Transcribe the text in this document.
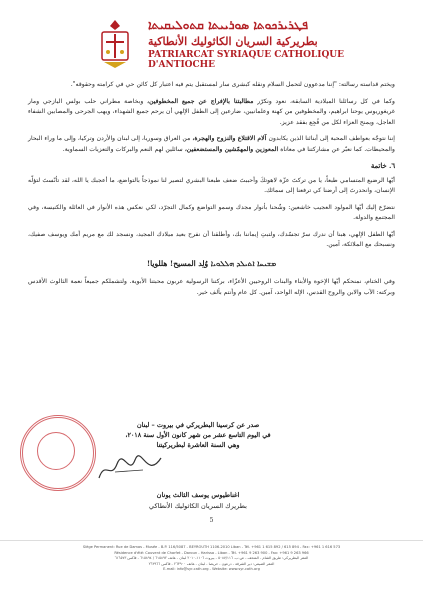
ܦܛܪܝܪܟܘܬܐ ܣܘܪܝܝܬܐ ܩܬܘܠܝܩܝܬܐ
بطريركية السريان الكاثوليك الأنطاكية
PATRIARCAT SYRIAQUE CATHOLIQUE D'ANTIOCHE

ويختم قداسته رسالته: "إننا مدعوون لتحمل السلام ونقله كبشرى سار لمستقبل يتم فيه اعتبار كل كائن حي في كرامته وحقوقه".

وكما في كل رسائلنا الميلادية السابقة، نعود ونكرّر مطالبتنا بالإفراج عن جميع المخطوفين، وبخاصة مطراني حلب بولس اليازجي ومار غريغوريوس يوحنا ابراهيم، والمخطوفين من كهنة وعلمانيين، ضارعين إلى الطفل الإلهي أن يرحم جميع الشهداء، ويهب الجرحى والمصابين الشفاء العاجل، ويمنح العزاء لكل من فُجِع بفقد عزيز.

إننا نتوجّه بعواطف المحبة إلى أبنائنا الذين يكابدون آلام الاقتلاع والنزوح والهجرة، من العراق وسوريا، إلى لبنان والأردن وتركيا، وإلى ما وراء البحار والمحيطات. كما نعبّر عن مشاركتنا في معاناة المعوزين والمهمّشين والمستضعفين، سائلين لهم النعم والبركات والتعزيات السماوية.

٦. خاتمة

أيّها الرضيع المتسامي طبعاً، يا من تركتَ عزّة لاهوتكَ وأحببتَ ضعف طبعنا البشري لتصير لنا نموذجاً بالتواضع، ما أعجبك يا الله، لقد تأنّستَ لتؤلّه الإنسان، وانحدرتَ إلى أرضنا كي ترفعنا إلى سمائك.

نتضرّع إليك أيّها المولود العجيب خاشعين: وشّحنا بأنوار مجدك وسمو التواضع وكمال التجرّد، لكي نعكس هذه الأنوار في العائلة والكنيسة، وفي المجتمع والدولة.

أيّها الطفل الإلهي، هبنا أن ندرك سرّ تجسّدك، ولتبتِ إيماننا بك، وأطلقنا أن نفرح بعيد ميلادك المجيد، ونسجد لك مع مريم أمك ويوسف صفيك، ونسبحك مع الملائكة، آمين.

ܡܫܝܚܐ ܐܬܝܠܕ ܗܠܠܘܝܐ وُلِد المسيح! هللويا!

وفي الختام، نمنحكم أيّها الإخوة والأبناء والبنات الروحيين الأعزّاء، بركتنا الرسولية عربون محبتنا الأبوية. ولتشملكم جميعاً نعمة الثالوث الأقدس وبركته: الآب والابن والروح القدس، الإله الواحد، آمين. كل عام وأنتم بألف خير.

صدر عن كرسينا البطريركي في بيروت – لبنان
في اليوم التاسع عشر من شهر كانون الأول سنة ٢٠١٨،
وهي السنة العاشرة لبطريركيتنا
اغناطيوس يوسف الثالث يونان
بطريرك السريان الكاثوليك الأنطاكي
5
Siège Permanent: Rue de Damas - Musée - B.P. 116/5087 - BEYROUTH 1106-2010 Liban - Tél. +961 1 615 892 / 615 894 - Fax: +961 1 616 573
Résidence d'été: Couvent de Charfet - Daroun - Harissa - Liban - Tél. +961 9 263 900 - Fax: +961 9 263 966
المقر البطريركي: طريق الشام - المتحف - ص.ب. ٥٠٨٧/١١٦ - بيروت ١١٠٦-٢٠١٠ لبنان - هاتف ٦١٥٨٩٢ / ٦١٥٨٩٤ - فاكس ٦١٦٥٧٣
المقر الصيفي: دير الشرفة - درعون - حريصا - لبنان - هاتف ٢٦٣٩٠٠ - فاكس ٢٦٣٩٦٦
E-mail: info@syr-cath.org - Website: www.syr-cath.org
